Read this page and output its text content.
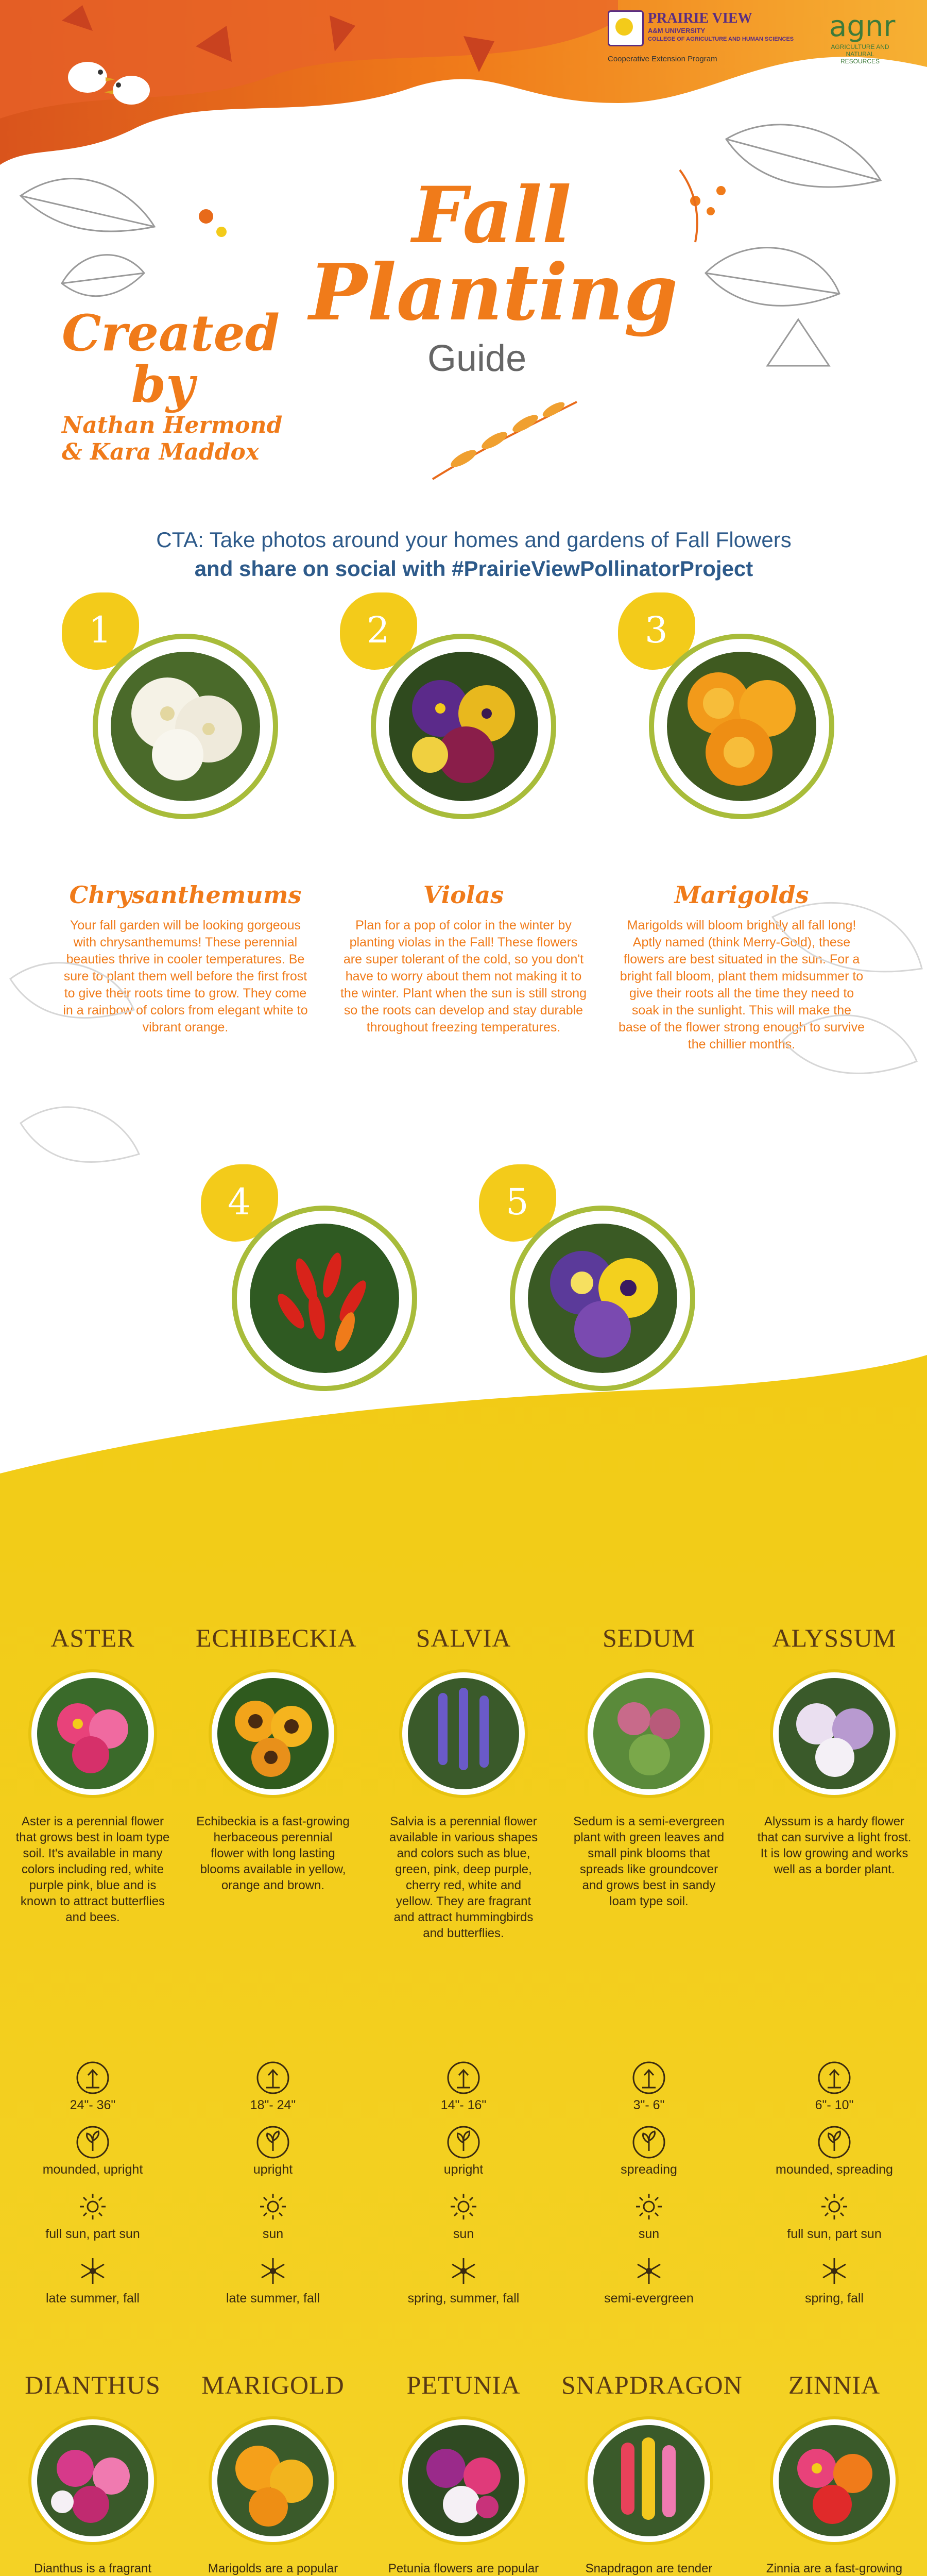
PRAIRIE VIEW
A&M UNIVERSITY
COLLEGE OF AGRICULTURE AND HUMAN SCIENCES
Cooperative Extension Program
agnr
AGRICULTURE AND NATURAL RESOURCES
Fall
Planting
Guide
Created
by
Nathan Hermond
& Kara Maddox
CTA: Take photos around your homes and gardens of Fall Flowers
and share on social with #PrairieViewPollinatorProject
1
Chrysanthemums
Your fall garden will be looking gorgeous with chrysanthemums! These perennial beauties thrive in cooler temperatures. Be sure to plant them well before the first frost to give their roots time to grow. They come in a rainbow of colors from elegant white to vibrant orange.
2
Violas
Plan for a pop of color in the winter by planting violas in the Fall! These flowers are super tolerant of the cold, so you don't have to worry about them not making it to the winter. Plant when the sun is still strong so the roots can develop and stay durable throughout freezing temperatures.
3
Marigolds
Marigolds will bloom brightly all fall long! Aptly named (think Merry-Gold), these flowers are best situated in the sun. For a bright fall bloom, plant them midsummer to give their roots all the time they need to soak in the sunlight. This will make the base of the flower strong enough to survive the chillier months.
4	5
ASTER
Aster is a perennial flower that grows best in loam type soil. It's available in many colors including red, white purple pink, blue and is known to attract butterflies and bees.
ECHIBECKIA
Echibeckia is a fast-growing herbaceous perennial flower with long lasting blooms available in yellow, orange and brown.
SALVIA
Salvia is a perennial flower available in various shapes and colors such as blue, green, pink, deep purple, cherry red, white and yellow. They are fragrant and attract hummingbirds and butterflies.
SEDUM
Sedum is a semi-evergreen plant with green leaves and small pink blooms that spreads like groundcover and grows best in sandy loam type soil.
ALYSSUM
Alyssum is a hardy flower that can survive a light frost. It is low growing and works well as a border plant.
24"- 36"	18"- 24"	14"- 16"	3"- 6"	6"- 10"
mounded, upright	upright	upright	spreading	mounded, spreading
full sun, part sun	sun	sun	sun	full sun, part sun
late summer, fall	late summer, fall	spring, summer, fall	semi-evergreen	spring, fall
DIANTHUS
Dianthus is a fragrant
MARIGOLD
Marigolds are a popular
PETUNIA
Petunia flowers are popular
SNAPDRAGON
Snapdragon are tender
ZINNIA
Zinnia are a fast-growing
